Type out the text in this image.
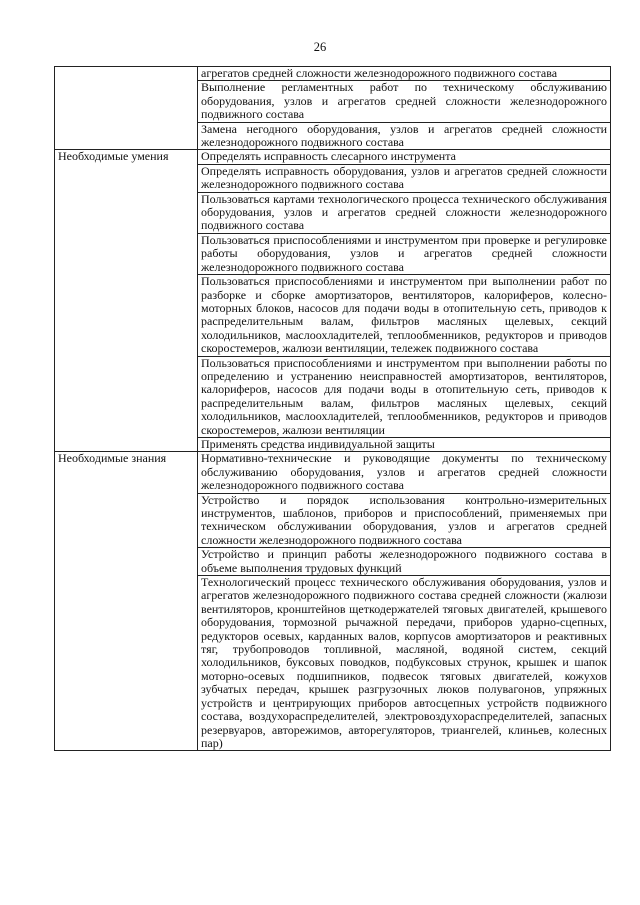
26
	агрегатов средней сложности железнодорожного подвижного состава
	Выполнение регламентных работ по техническому обслуживанию оборудования, узлов и агрегатов средней сложности железнодорожного подвижного состава
	Замена негодного оборудования, узлов и агрегатов средней сложности железнодорожного подвижного состава
Необходимые умения	Определять исправность слесарного инструмента
	Определять исправность оборудования, узлов и агрегатов средней сложности железнодорожного подвижного состава
	Пользоваться картами технологического процесса технического обслуживания оборудования, узлов и агрегатов средней сложности железнодорожного подвижного состава
	Пользоваться приспособлениями и инструментом при проверке и регулировке работы оборудования, узлов и агрегатов средней сложности железнодорожного подвижного состава
	Пользоваться приспособлениями и инструментом при выполнении работ по разборке и сборке амортизаторов, вентиляторов, калориферов, колесно-моторных блоков, насосов для подачи воды в отопительную сеть, приводов к распределительным валам, фильтров масляных щелевых, секций холодильников, маслоохладителей, теплообменников, редукторов и приводов скоростемеров, жалюзи вентиляции, тележек подвижного состава
	Пользоваться приспособлениями и инструментом при выполнении работы по определению и устранению неисправностей амортизаторов, вентиляторов, калориферов, насосов для подачи воды в отопительную сеть, приводов к распределительным валам, фильтров масляных щелевых, секций холодильников, маслоохладителей, теплообменников, редукторов и приводов скоростемеров, жалюзи вентиляции
	Применять средства индивидуальной защиты
Необходимые знания	Нормативно-технические и руководящие документы по техническому обслуживанию оборудования, узлов и агрегатов средней сложности железнодорожного подвижного состава
	Устройство и порядок использования контрольно-измерительных инструментов, шаблонов, приборов и приспособлений, применяемых при техническом обслуживании оборудования, узлов и агрегатов средней сложности железнодорожного подвижного состава
	Устройство и принцип работы железнодорожного подвижного состава в объеме выполнения трудовых функций
	Технологический процесс технического обслуживания оборудования, узлов и агрегатов железнодорожного подвижного состава средней сложности (жалюзи вентиляторов, кронштейнов щеткодержателей тяговых двигателей, крышевого оборудования, тормозной рычажной передачи, приборов ударно-сцепных, редукторов осевых, карданных валов, корпусов амортизаторов и реактивных тяг, трубопроводов топливной, масляной, водяной систем, секций холодильников, буксовых поводков, подбуксовых струнок, крышек и шапок моторно-осевых подшипников, подвесок тяговых двигателей, кожухов зубчатых передач, крышек разгрузочных люков полувагонов, упряжных устройств и центрирующих приборов автосцепных устройств подвижного состава, воздухораспределителей, электровоздухораспределителей, запасных резервуаров, авторежимов, авторегуляторов, триангелей, клиньев, колесных пар)
